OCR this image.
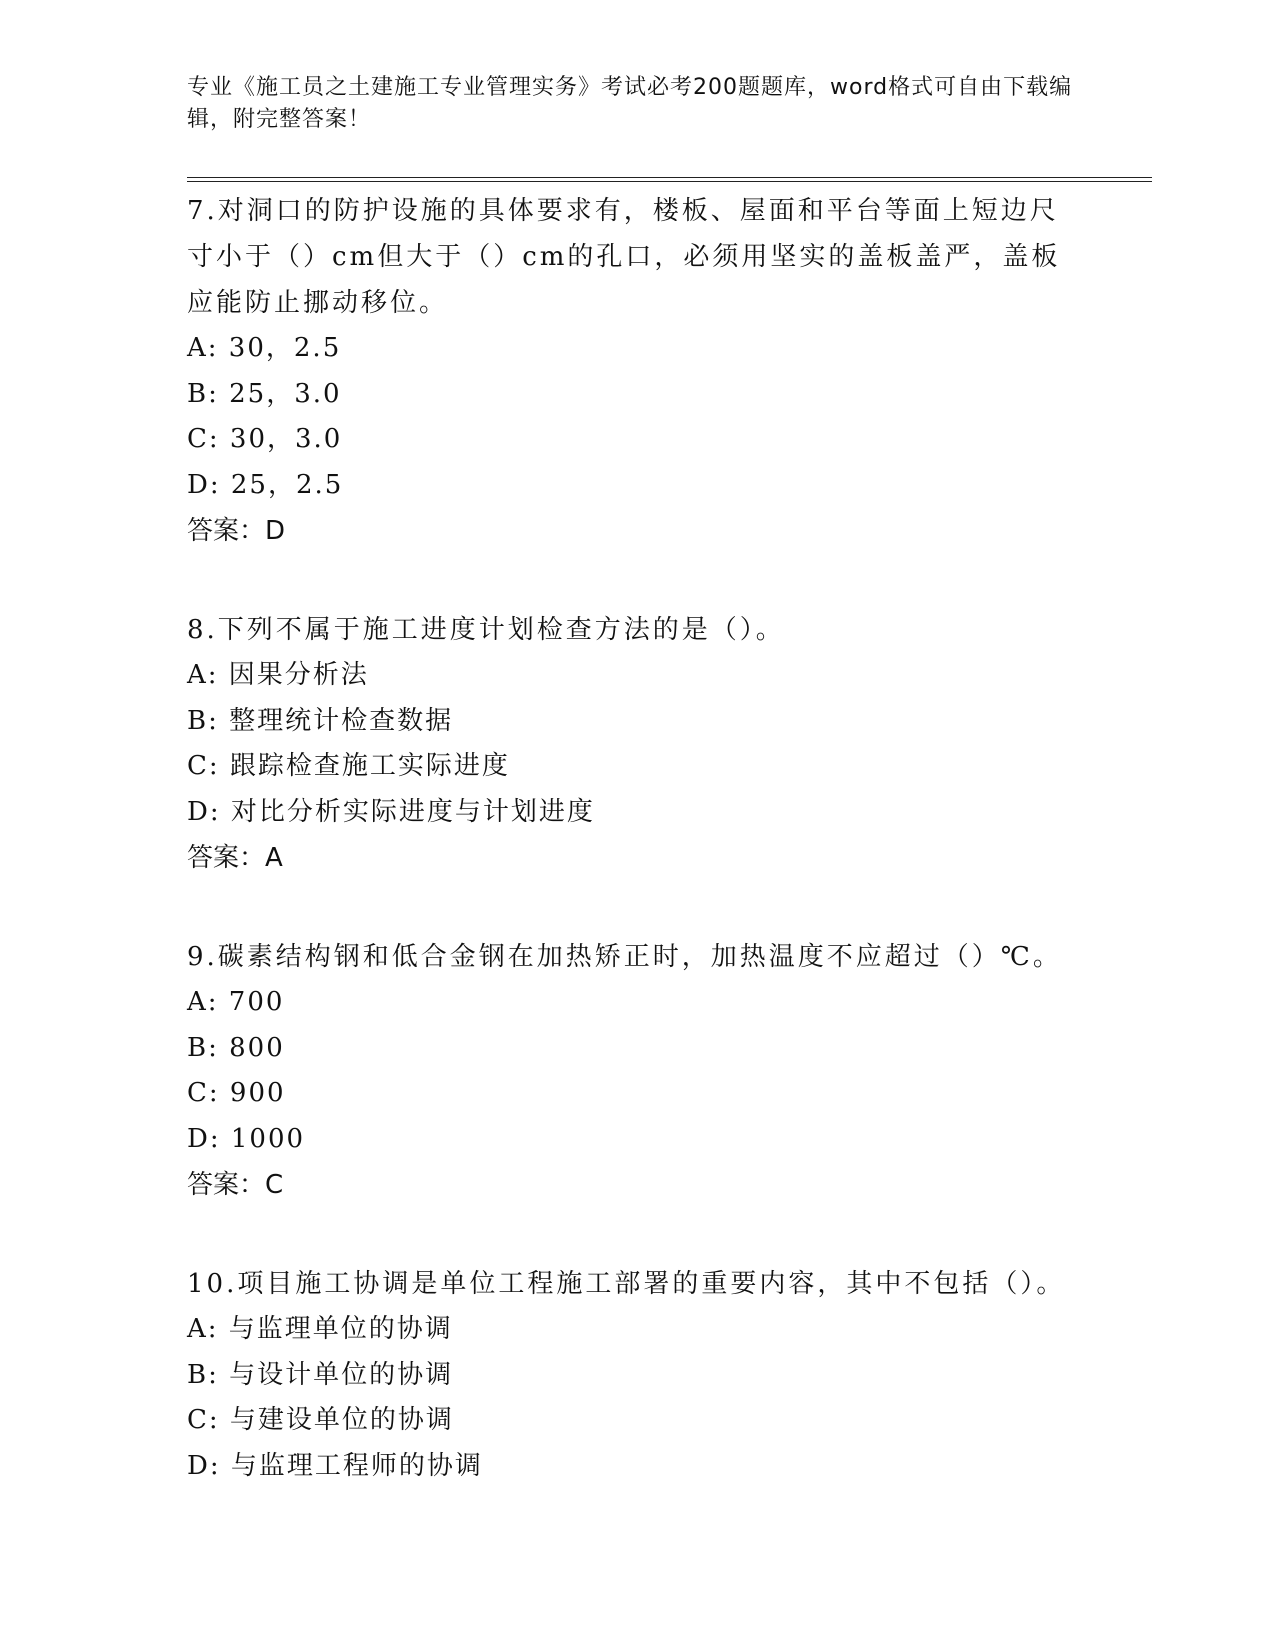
专业《施工员之土建施工专业管理实务》考试必考200题题库，word格式可自由下载编辑，附完整答案！

7.对洞口的防护设施的具体要求有，楼板、屋面和平台等面上短边尺寸小于（）cm但大于（）cm的孔口，必须用坚实的盖板盖严，盖板应能防止挪动移位。

A: 30，2.5

B: 25，3.0

C: 30，3.0

D: 25，2.5

答案：D

8.下列不属于施工进度计划检查方法的是（）。

A: 因果分析法

B: 整理统计检查数据

C: 跟踪检查施工实际进度

D: 对比分析实际进度与计划进度

答案：A

9.碳素结构钢和低合金钢在加热矫正时，加热温度不应超过（）℃。

A: 700

B: 800

C: 900

D: 1000

答案：C

10.项目施工协调是单位工程施工部署的重要内容，其中不包括（）。

A: 与监理单位的协调

B: 与设计单位的协调

C: 与建设单位的协调

D: 与监理工程师的协调
